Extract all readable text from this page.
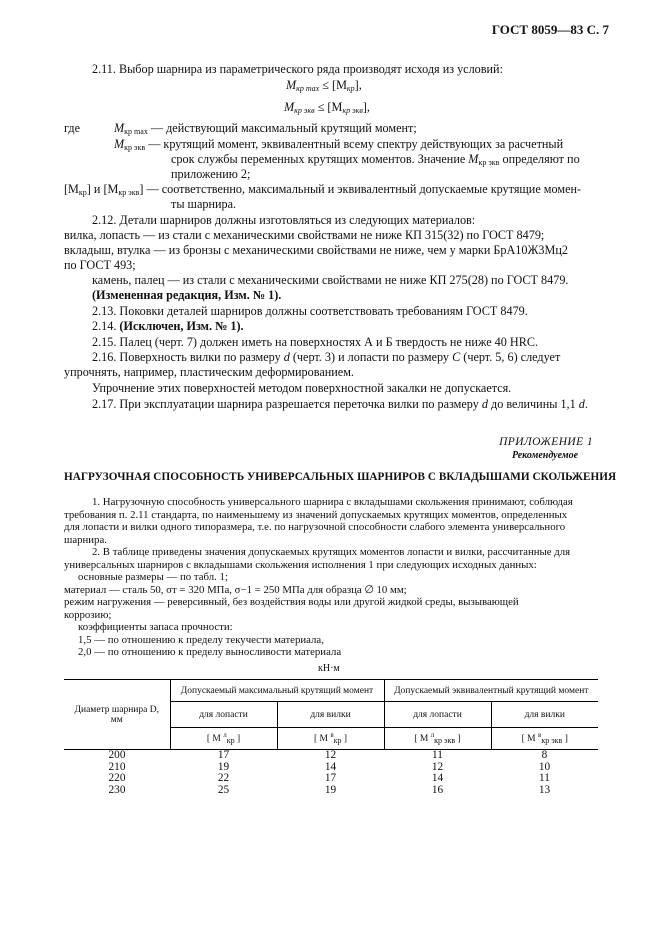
ГОСТ 8059—83 С. 7
2.11. Выбор шарнира из параметрического ряда производят исходя из условий:
$M_{кр max} \le [M_{кр}]$,
$M_{кр экв} \le [M_{кр экв}]$,
где	$M_{кр max}$ — действующий максимальный крутящий момент;
$M_{кр экв}$ — крутящий момент, эквивалентный всему спектру действующих за расчетный
срок службы переменных крутящих моментов. Значение $M_{кр экв}$ определяют по
приложению 2;
$[M_{кр}]$ и $[M_{кр экв}]$ — соответственно, максимальный и эквивалентный допускаемые крутящие момен-
ты шарнира.
2.12. Детали шарниров должны изготовляться из следующих материалов:
вилка, лопасть — из стали с механическими свойствами не ниже КП 315(32) по ГОСТ 8479;
вкладыш, втулка — из бронзы с механическими свойствами не ниже, чем у марки БрА10Ж3Мц2
по ГОСТ 493;
камень, палец — из стали с механическими свойствами не ниже КП 275(28) по ГОСТ 8479.
(Измененная редакция, Изм. № 1).
2.13. Поковки деталей шарниров должны соответствовать требованиям ГОСТ 8479.
2.14. (Исключен, Изм. № 1).
2.15. Палец (черт. 7) должен иметь на поверхностях А и Б твердость не ниже 40 HRC.
2.16. Поверхность вилки по размеру d (черт. 3) и лопасти по размеру C (черт. 5, 6) следует
упрочнять, например, пластическим деформированием.
Упрочнение этих поверхностей методом поверхностной закалки не допускается.
2.17. При эксплуатации шарнира разрешается переточка вилки по размеру d до величины 1,1 d.
ПРИЛОЖЕНИЕ 1
Рекомендуемое
НАГРУЗОЧНАЯ СПОСОБНОСТЬ УНИВЕРСАЛЬНЫХ ШАРНИРОВ С ВКЛАДЫШАМИ СКОЛЬЖЕНИЯ
1. Нагрузочную способность универсального шарнира с вкладышами скольжения принимают, соблюдая
требования п. 2.11 стандарта, по наименьшему из значений допускаемых крутящих моментов, определенных
для лопасти и вилки одного типоразмера, т.е. по нагрузочной способности слабого элемента универсального
шарнира.
2. В таблице приведены значения допускаемых крутящих моментов лопасти и вилки, рассчитанные для
универсальных шарниров с вкладышами скольжения исполнения 1 при следующих исходных данных:
основные размеры — по табл. 1;
материал — сталь 50, σт = 320 МПа, σ−1 = 250 МПа для образца ∅ 10 мм;
режим нагружения — реверсивный, без воздействия воды или другой жидкой среды, вызывающей
коррозию;
коэффициенты запаса прочности:
1,5 — по отношению к пределу текучести материала,
2,0 — по отношению к пределу выносливости материала
кН·м
Диаметр шарнира D, мм	Допускаемый максимальный крутящий момент		Допускаемый эквивалентный крутящий момент	
	для лопасти	для вилки	для лопасти	для вилки
	[ M $^л_{кр}$ ]	[ M $^в_{кр}$ ]	[ M $^л_{кр экв}$ ]	[ M $^в_{кр экв}$ ]
200	17	12	11	8
210	19	14	12	10
220	22	17	14	11
230	25	19	16	13
